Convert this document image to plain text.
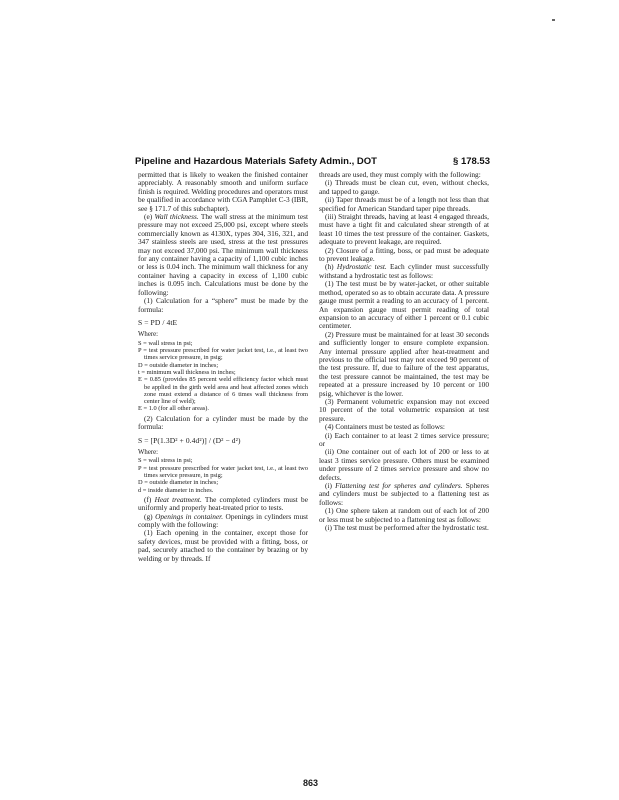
Pipeline and Hazardous Materials Safety Admin., DOT	§ 178.53

permitted that is likely to weaken the finished container appreciably. A reasonably smooth and uniform surface finish is required. Welding procedures and operators must be qualified in accordance with CGA Pamphlet C-3 (IBR, see § 171.7 of this subchapter).

(e) Wall thickness. The wall stress at the minimum test pressure may not exceed 25,000 psi, except where steels commercially known as 4130X, types 304, 316, 321, and 347 stainless steels are used, stress at the test pressures may not exceed 37,000 psi. The minimum wall thickness for any container having a capacity of 1,100 cubic inches or less is 0.04 inch. The minimum wall thickness for any container having a capacity in excess of 1,100 cubic inches is 0.095 inch. Calculations must be done by the following:

(1) Calculation for a “sphere” must be made by the formula:

S = PD / 4tE

Where:

S = wall stress in psi;

P = test pressure prescribed for water jacket test, i.e., at least two times service pressure, in psig;

D = outside diameter in inches;

t = minimum wall thickness in inches;

E = 0.85 (provides 85 percent weld efficiency factor which must be applied in the girth weld area and heat affected zones which zone must extend a distance of 6 times wall thickness from center line of weld);

E = 1.0 (for all other areas).

(2) Calculation for a cylinder must be made by the formula:

S = [P(1.3D² + 0.4d²)] / (D² − d²)

Where:

S = wall stress in psi;

P = test pressure prescribed for water jacket test, i.e., at least two times service pressure, in psig;

D = outside diameter in inches;

d = inside diameter in inches.

(f) Heat treatment. The completed cylinders must be uniformly and properly heat-treated prior to tests.

(g) Openings in container. Openings in cylinders must comply with the following:

(1) Each opening in the container, except those for safety devices, must be provided with a fitting, boss, or pad, securely attached to the container by brazing or by welding or by threads. If

threads are used, they must comply with the following:

(i) Threads must be clean cut, even, without checks, and tapped to gauge.

(ii) Taper threads must be of a length not less than that specified for American Standard taper pipe threads.

(iii) Straight threads, having at least 4 engaged threads, must have a tight fit and calculated shear strength of at least 10 times the test pressure of the container. Gaskets, adequate to prevent leakage, are required.

(2) Closure of a fitting, boss, or pad must be adequate to prevent leakage.

(h) Hydrostatic test. Each cylinder must successfully withstand a hydrostatic test as follows:

(1) The test must be by water-jacket, or other suitable method, operated so as to obtain accurate data. A pressure gauge must permit a reading to an accuracy of 1 percent. An expansion gauge must permit reading of total expansion to an accuracy of either 1 percent or 0.1 cubic centimeter.

(2) Pressure must be maintained for at least 30 seconds and sufficiently longer to ensure complete expansion. Any internal pressure applied after heat-treatment and previous to the official test may not exceed 90 percent of the test pressure. If, due to failure of the test apparatus, the test pressure cannot be maintained, the test may be repeated at a pressure increased by 10 percent or 100 psig, whichever is the lower.

(3) Permanent volumetric expansion may not exceed 10 percent of the total volumetric expansion at test pressure.

(4) Containers must be tested as follows:

(i) Each container to at least 2 times service pressure; or

(ii) One container out of each lot of 200 or less to at least 3 times service pressure. Others must be examined under pressure of 2 times service pressure and show no defects.

(i) Flattening test for spheres and cylinders. Spheres and cylinders must be subjected to a flattening test as follows:

(1) One sphere taken at random out of each lot of 200 or less must be subjected to a flattening test as follows:

(i) The test must be performed after the hydrostatic test.

863
